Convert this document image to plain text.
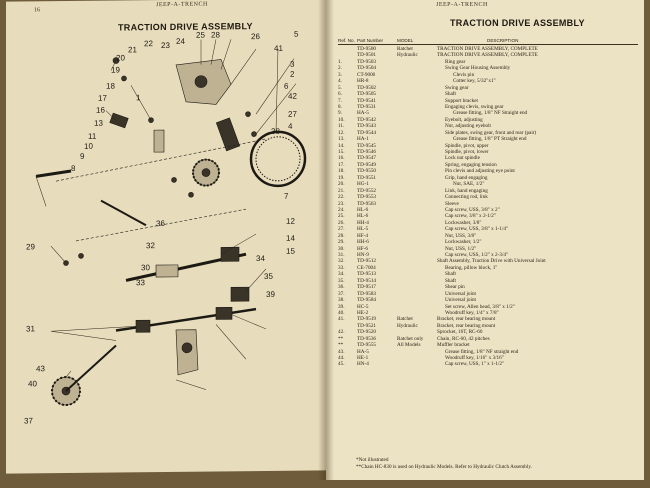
16
JEEP-A-TRENCH
TRACTION DRIVE ASSEMBLY
25 28
24
23
22
21
20
19
18
17
16
15
14
13
12
11
10
9
8
7
6
5
4
3
2
1
26
27
29
30
31
32
33
34
35
36
37
38
39
40
41
42
43
JEEP-A-TRENCH
TRACTION DRIVE ASSEMBLY
Ref. No. Part Number	MODEL	DESCRIPTION
TD-9500	Ratchet	TRACTION DRIVE ASSEMBLY, COMPLETE
TD-9501	Hydraulic	TRACTION DRIVE ASSEMBLY, COMPLETE
1.	TD-9503	Ring gear
2.	TD-9504	Swing Gear Housing Assembly
3.	CT-9006	Clevis pin
4.	HR-8	Cotter key, 5/32"x1"
5.	TD-9502	Swing gear
6.	TD-9505	Shaft
7.	TD-9541	Support bracket
8.	TD-9531	Engaging clevis, swing gear
9.	HA-5	Grease fitting, 1/8" NF Straight end
10.	TD-9542	Eyebolt, adjusting
11.	TD-9543	Nut, adjusting eyebolt
12.	TD-9544	Side plates, swing gear, front and rear (pair)
13.	HA-1	Grease fitting, 1/8" PT Straight end
14.	TD-9545	Spindle, pivot, upper
15.	TD-9546	Spindle, pivot, lower
16.	TD-9547	Lock nut spindle
17.	TD-9549	Spring, engaging tension
18.	TD-9550	Pin clevis and adjusting eye point
19.	TD-9551	Grip, hand engaging
20.	HG-1	Nut, SAE, 1/2"
21.	TD-9552	Link, hand engaging
22.	TD-9553	Connecting rod, link
23.	TD-9563	Sleeve
24.	HL-6	Cap screw, USS, 3/8" x 2"
25.	HL-6	Cap screw, 3/8" x 2-1/2"
26.	HH-4	Lockwasher, 3/8"
27.	HL-5	Cap screw, USS, 3/8" x 1-1/4"
28.	HF-4	Nut, USS, 3/8"
29.	HH-6	Lockwasher, 1/2"
30.	HF-6	Nut, USS, 1/2"
31.	HN-9	Cap screw, USS, 1/2" x 2-3/4"
32.	TD-9512	Shaft Assembly, Traction Drive with Universal Joint
33.	CE-7004	Bearing, pillow block, 1"
34.	TD-9513	Shaft
35.	TD-9514	Shaft
36.	TD-9517	Shear pin
37.	TD-9583	Universal joint
38.	TD-9584	Universal joint
39.	HC-5	Set screw, Allen head, 3/8" x 1/2"
40.	HE-2	Woodruff key, 1/4" x 7/8"
41.	TD-9519	Ratchet	Bracket, rear bearing mount
TD-9521	Hydraulic	Bracket, rear bearing mount
42.	TD-9520	Sprocket, 16T, RC-60
**	TD-9536	Ratchet only	Chain, RC-60, 42 pitches
**	TD-9555	All Models	Muffler bracket
43.	HA-5	Grease fitting, 1/8" NF straight end
44.	HE-1	Woodruff key, 1/16" x 3/16"
45.	HN-4	Cap screw, USS, 1" x 1-1/2"
*Not illustrated
**Chain HC-830 is used on Hydraulic Models. Refer to Hydraulic Clutch Assembly.
